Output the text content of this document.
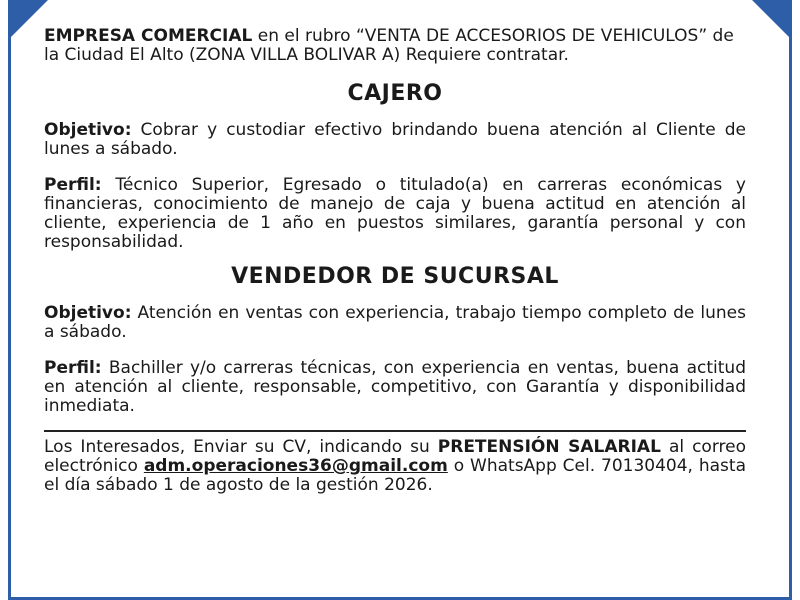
EMPRESA COMERCIAL en el rubro “VENTA DE ACCESORIOS DE VEHICULOS” de la Ciudad El Alto (ZONA VILLA BOLIVAR A) Requiere contratar.

CAJERO

Objetivo: Cobrar y custodiar efectivo brindando buena atención al Cliente de lunes a sábado.

Perfil: Técnico Superior, Egresado o titulado(a) en carreras económicas y financieras, conocimiento de manejo de caja y buena actitud en atención al cliente, experiencia de 1 año en puestos similares, garantía personal y con responsabilidad.

VENDEDOR DE SUCURSAL

Objetivo: Atención en ventas con experiencia, trabajo tiempo completo de lunes a sábado.

Perfil: Bachiller y/o carreras técnicas, con experiencia en ventas, buena actitud en atención al cliente, responsable, competitivo, con Garantía y disponibilidad inmediata.

Los Interesados, Enviar su CV, indicando su PRETENSIÓN SALARIAL al correo electrónico adm.operaciones36@gmail.com o WhatsApp Cel. 70130404, hasta el día sábado 1 de agosto de la gestión 2026.
